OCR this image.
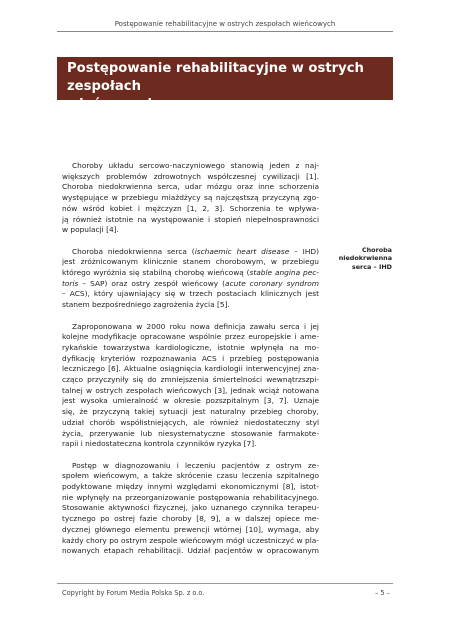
Postępowanie rehabilitacyjne w ostrych zespołach wieńcowych
Postępowanie rehabilitacyjne w ostrych zespołach
wieńcowych

Choroby układu sercowo-naczyniowego stanowią jeden z naj-
większych problemów zdrowotnych współczesnej cywilizacji [1].
Choroba niedokrwienna serca, udar mózgu oraz inne schorzenia
występujące w przebiegu miażdżycy są najczęstszą przyczyną zgo-
nów wśród kobiet i mężczyzn [1, 2, 3]. Schorzenia te wpływa-
ją również istotnie na występowanie i stopień niepełnosprawności
w populacji [4].

Choroba niedokrwienna serca (ischaemic heart disease – IHD)
jest zróżnicowanym klinicznie stanem chorobowym, w przebiegu
którego wyróżnia się stabilną chorobę wieńcową (stable angina pec-
toris – SAP) oraz ostry zespół wieńcowy (acute coronary syndrom
– ACS), który ujawniający się w trzech postaciach klinicznych jest
stanem bezpośredniego zagrożenia życia [5].

Zaproponowana w 2000 roku nowa definicja zawału serca i jej
kolejne modyfikacje opracowane wspólnie przez europejskie i ame-
rykańskie towarzystwa kardiologiczne, istotnie wpłynęła na mo-
dyfikację kryteriów rozpoznawania ACS i przebieg postępowania
leczniczego [6]. Aktualne osiągnięcia kardiologii interwencyjnej zna-
cząco przyczyniły się do zmniejszenia śmiertelności wewnątrzszpi-
talnej w ostrych zespołach wieńcowych [3], jednak wciąż notowana
jest wysoka umieralność w okresie pozszpitalnym [3, 7]. Uznaje
się, że przyczyną takiej sytuacji jest naturalny przebieg choroby,
udział chorób współistniejących, ale również niedostateczny styl
życia, przerywanie lub niesystematyczne stosowanie farmakote-
rapii i niedostateczna kontrola czynników ryzyka [7].

Postęp w diagnozowaniu i leczeniu pacjentów z ostrym ze-
społem wieńcowym, a także skrócenie czasu leczenia szpitalnego
podyktowane między innymi względami ekonomicznymi [8], istot-
nie wpłynęły na przeorganizowanie postępowania rehabilitacyjnego.
Stosowanie aktywności fizycznej, jako uznanego czynnika terapeu-
tycznego po ostrej fazie choroby [8, 9], a w dalszej opiece me-
dycznej głównego elementu prewencji wtórnej [10], wymaga, aby
każdy chory po ostrym zespole wieńcowym mógł uczestniczyć w pla-
nowanych etapach rehabilitacji. Udział pacjentów w opracowanym

Choroba
niedokrwienna
serca – IHD
Copyright by Forum Media Polska Sp. z o.o.	– 5 –
